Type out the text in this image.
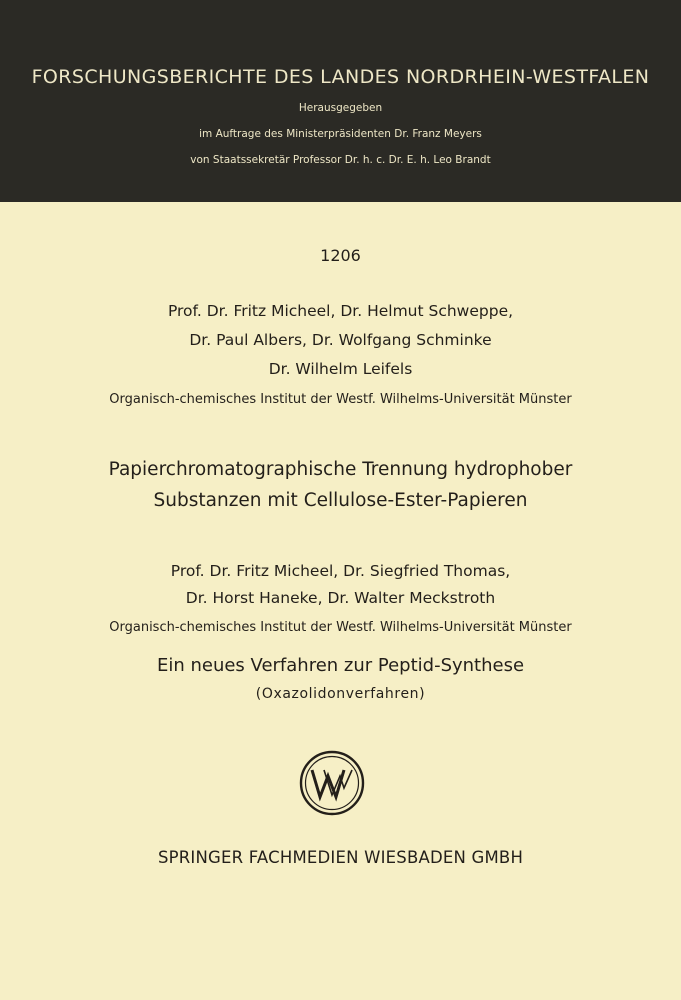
FORSCHUNGSBERICHTE DES LANDES NORDRHEIN-WESTFALEN
Herausgegeben
im Auftrage des Ministerpräsidenten Dr. Franz Meyers
von Staatssekretär Professor Dr. h. c. Dr. E. h. Leo Brandt
1206
Prof. Dr. Fritz Micheel, Dr. Helmut Schweppe,
Dr. Paul Albers, Dr. Wolfgang Schminke
Dr. Wilhelm Leifels
Organisch-chemisches Institut der Westf. Wilhelms-Universität Münster
Papierchromatographische Trennung hydrophober
Substanzen mit Cellulose-Ester-Papieren
Prof. Dr. Fritz Micheel, Dr. Siegfried Thomas,
Dr. Horst Haneke, Dr. Walter Meckstroth
Organisch-chemisches Institut der Westf. Wilhelms-Universität Münster
Ein neues Verfahren zur Peptid-Synthese
(Oxazolidonverfahren)
SPRINGER FACHMEDIEN WIESBADEN GMBH
